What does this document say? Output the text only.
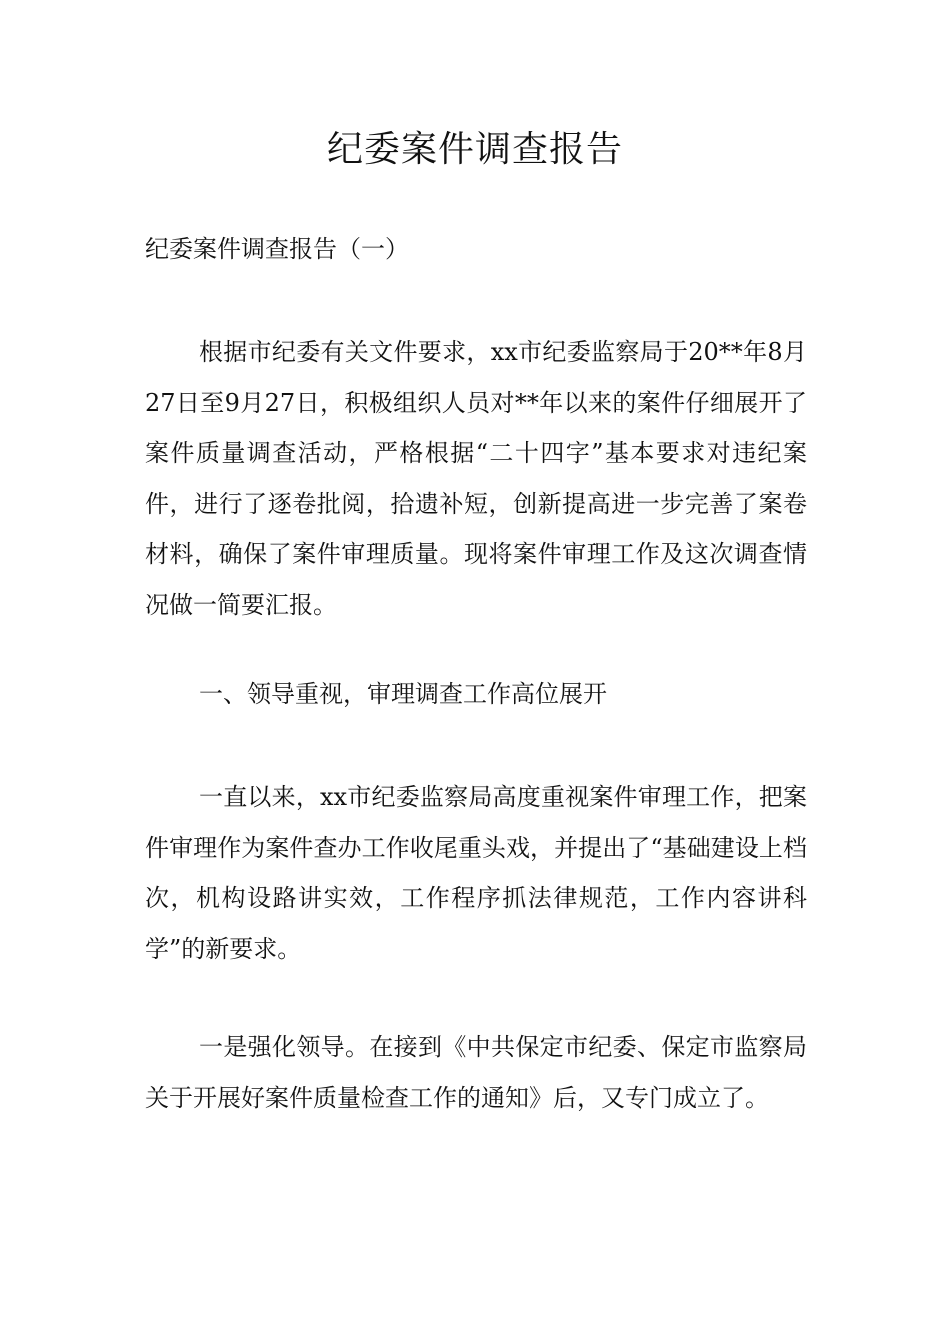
纪委案件调查报告

纪委案件调查报告（一）

根据市纪委有关文件要求，xx市纪委监察局于20**年8月27日至9月27日，积极组织人员对**年以来的案件仔细展开了案件质量调查活动，严格根据“二十四字”基本要求对违纪案件，进行了逐卷批阅，拾遗补短，创新提高进一步完善了案卷材料，确保了案件审理质量。现将案件审理工作及这次调查情况做一简要汇报。

一、领导重视，审理调查工作高位展开

一直以来，xx市纪委监察局高度重视案件审理工作，把案件审理作为案件查办工作收尾重头戏，并提出了“基础建设上档次，机构设路讲实效，工作程序抓法律规范，工作内容讲科学”的新要求。

一是强化领导。在接到《中共保定市纪委、保定市监察局关于开展好案件质量检查工作的通知》后，又专门成立了。
